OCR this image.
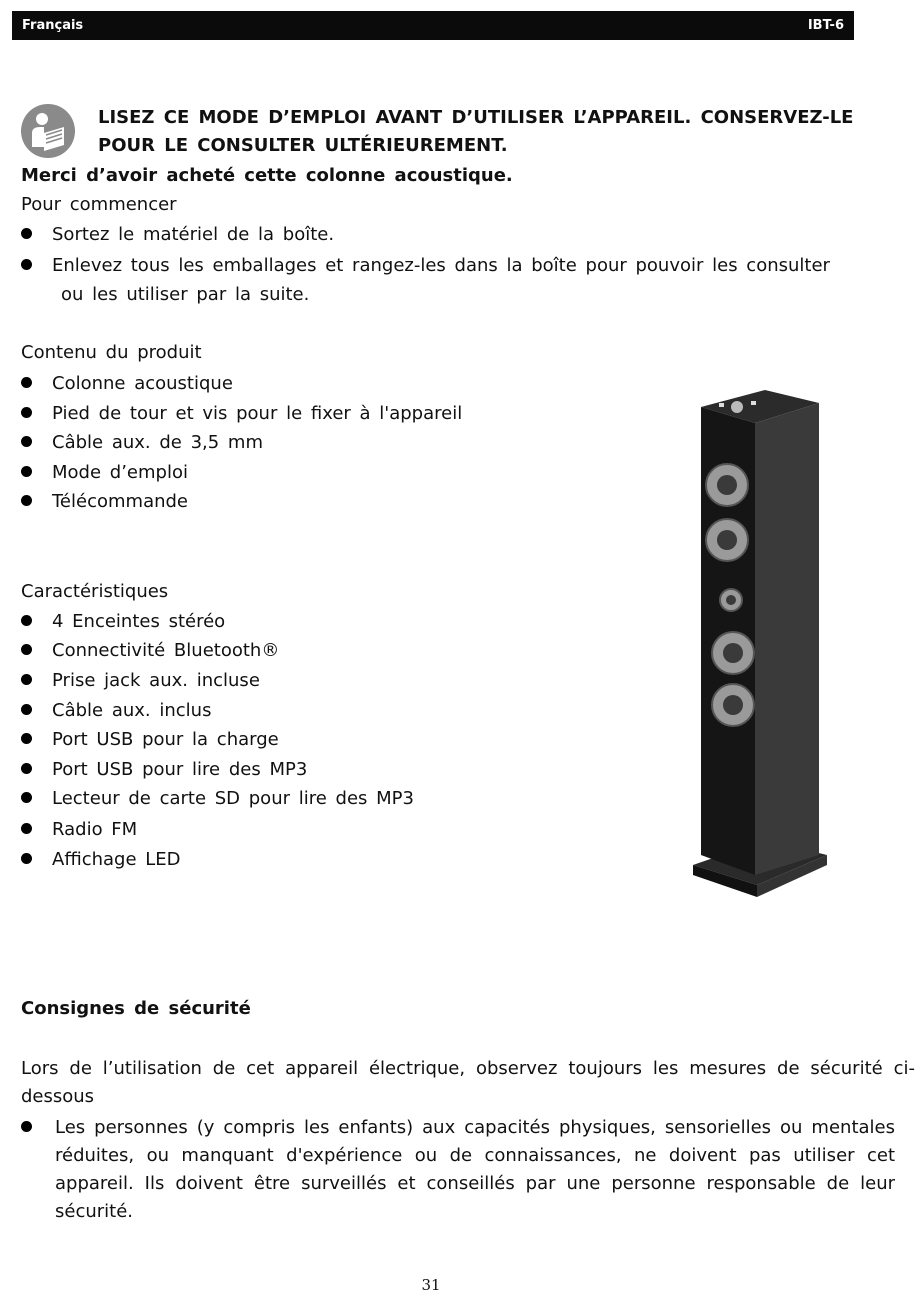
Français	IBT-6
LISEZ CE MODE D’EMPLOI AVANT D’UTILISER L’APPAREIL. CONSERVEZ-LE POUR LE CONSULTER ULTÉRIEUREMENT.
Merci d’avoir acheté cette colonne acoustique.
Pour commencer
Sortez le matériel de la boîte.
Enlevez tous les emballages et rangez-les dans la boîte pour pouvoir les consulter
ou les utiliser par la suite.
Contenu du produit
Colonne acoustique
Pied de tour et vis pour le fixer à l'appareil
Câble aux. de 3,5 mm
Mode d’emploi
Télécommande
Caractéristiques
4 Enceintes stéréo
Connectivité Bluetooth®
Prise jack aux. incluse
Câble aux. inclus
Port USB pour la charge
Port USB pour lire des MP3
Lecteur de carte SD pour lire des MP3
Radio FM
Affichage LED
Consignes de sécurité
Lors de l’utilisation de cet appareil électrique, observez toujours les mesures de sécurité ci-dessous
Les personnes (y compris les enfants) aux capacités physiques, sensorielles ou mentales réduites, ou manquant d'expérience ou de connaissances, ne doivent pas utiliser cet appareil. Ils doivent être surveillés et conseillés par une personne responsable de leur sécurité.
31
